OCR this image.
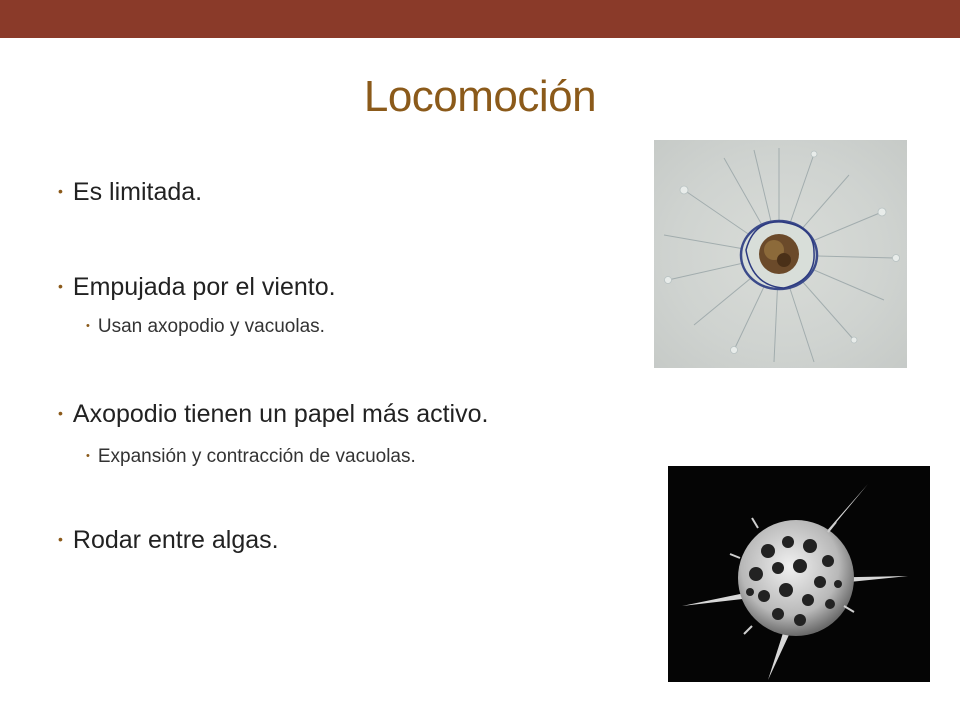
Locomoción
• Es limitada.
• Empujada por el viento.
• Usan axopodio y vacuolas.
• Axopodio tienen un papel más activo.
• Expansión y contracción de vacuolas.
• Rodar entre algas.
